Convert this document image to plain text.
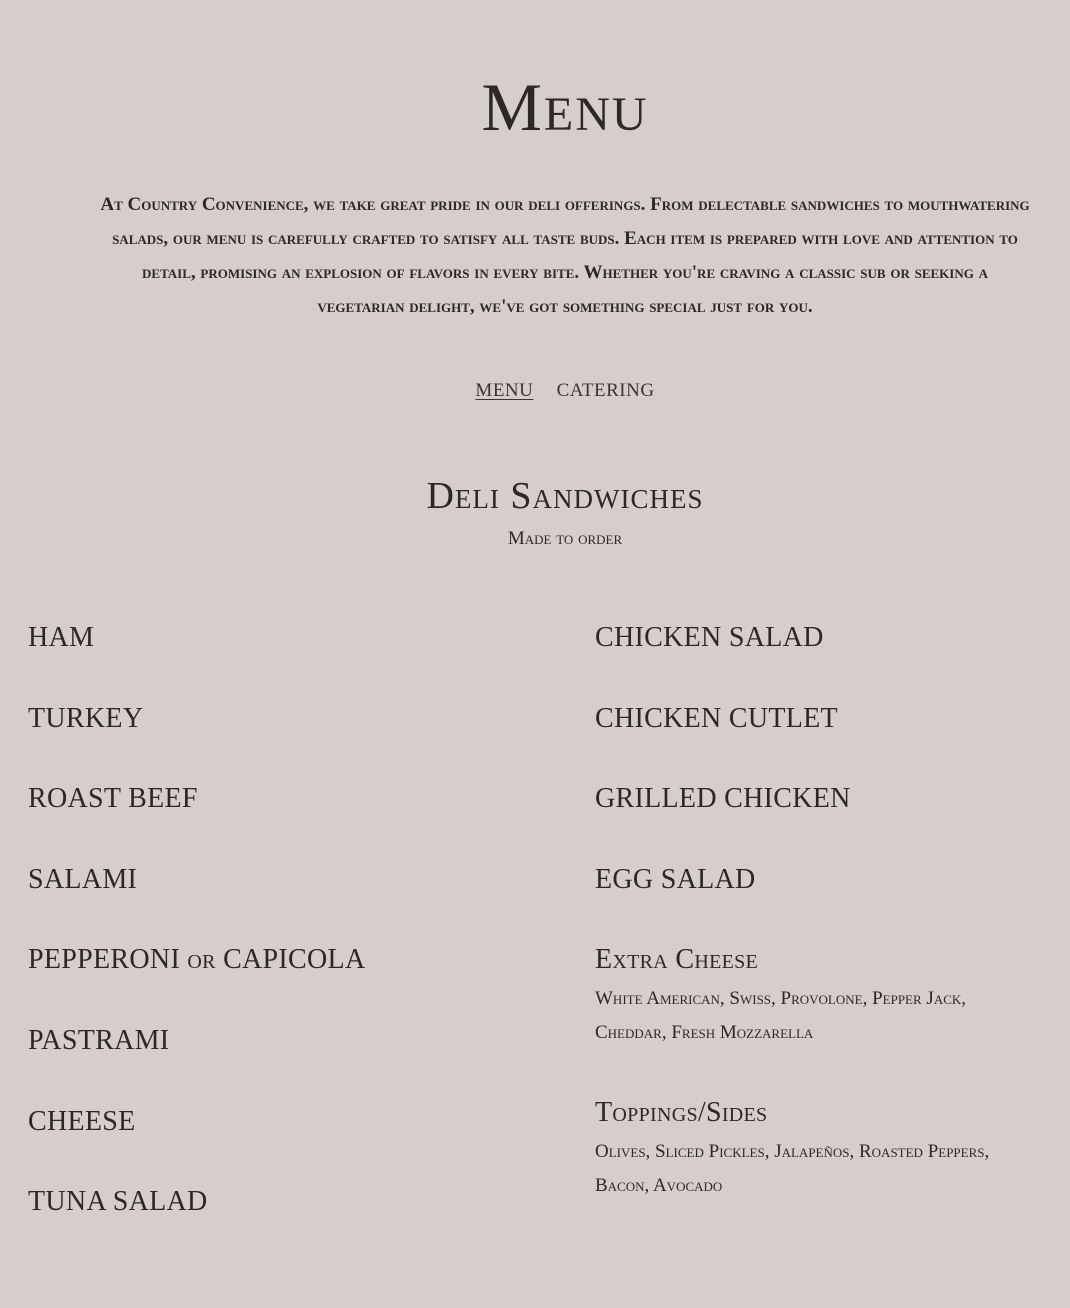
Menu

At Country Convenience, we take great pride in our deli offerings. From delectable sandwiches to mouthwatering salads, our menu is carefully crafted to satisfy all taste buds. Each item is prepared with love and attention to detail, promising an explosion of flavors in every bite. Whether you're craving a classic sub or seeking a vegetarian delight, we've got something special just for you.

MENU CATERING
Deli Sandwiches

Made to order

HAM

TURKEY

ROAST BEEF

SALAMI

PEPPERONI or CAPICOLA

PASTRAMI

CHEESE

TUNA SALAD

CHICKEN SALAD

CHICKEN CUTLET

GRILLED CHICKEN

EGG SALAD

Extra Cheese

White American, Swiss, Provolone, Pepper Jack, Cheddar, Fresh Mozzarella

Toppings/Sides

Olives, Sliced Pickles, Jalapeños, Roasted Peppers, Bacon, Avocado
